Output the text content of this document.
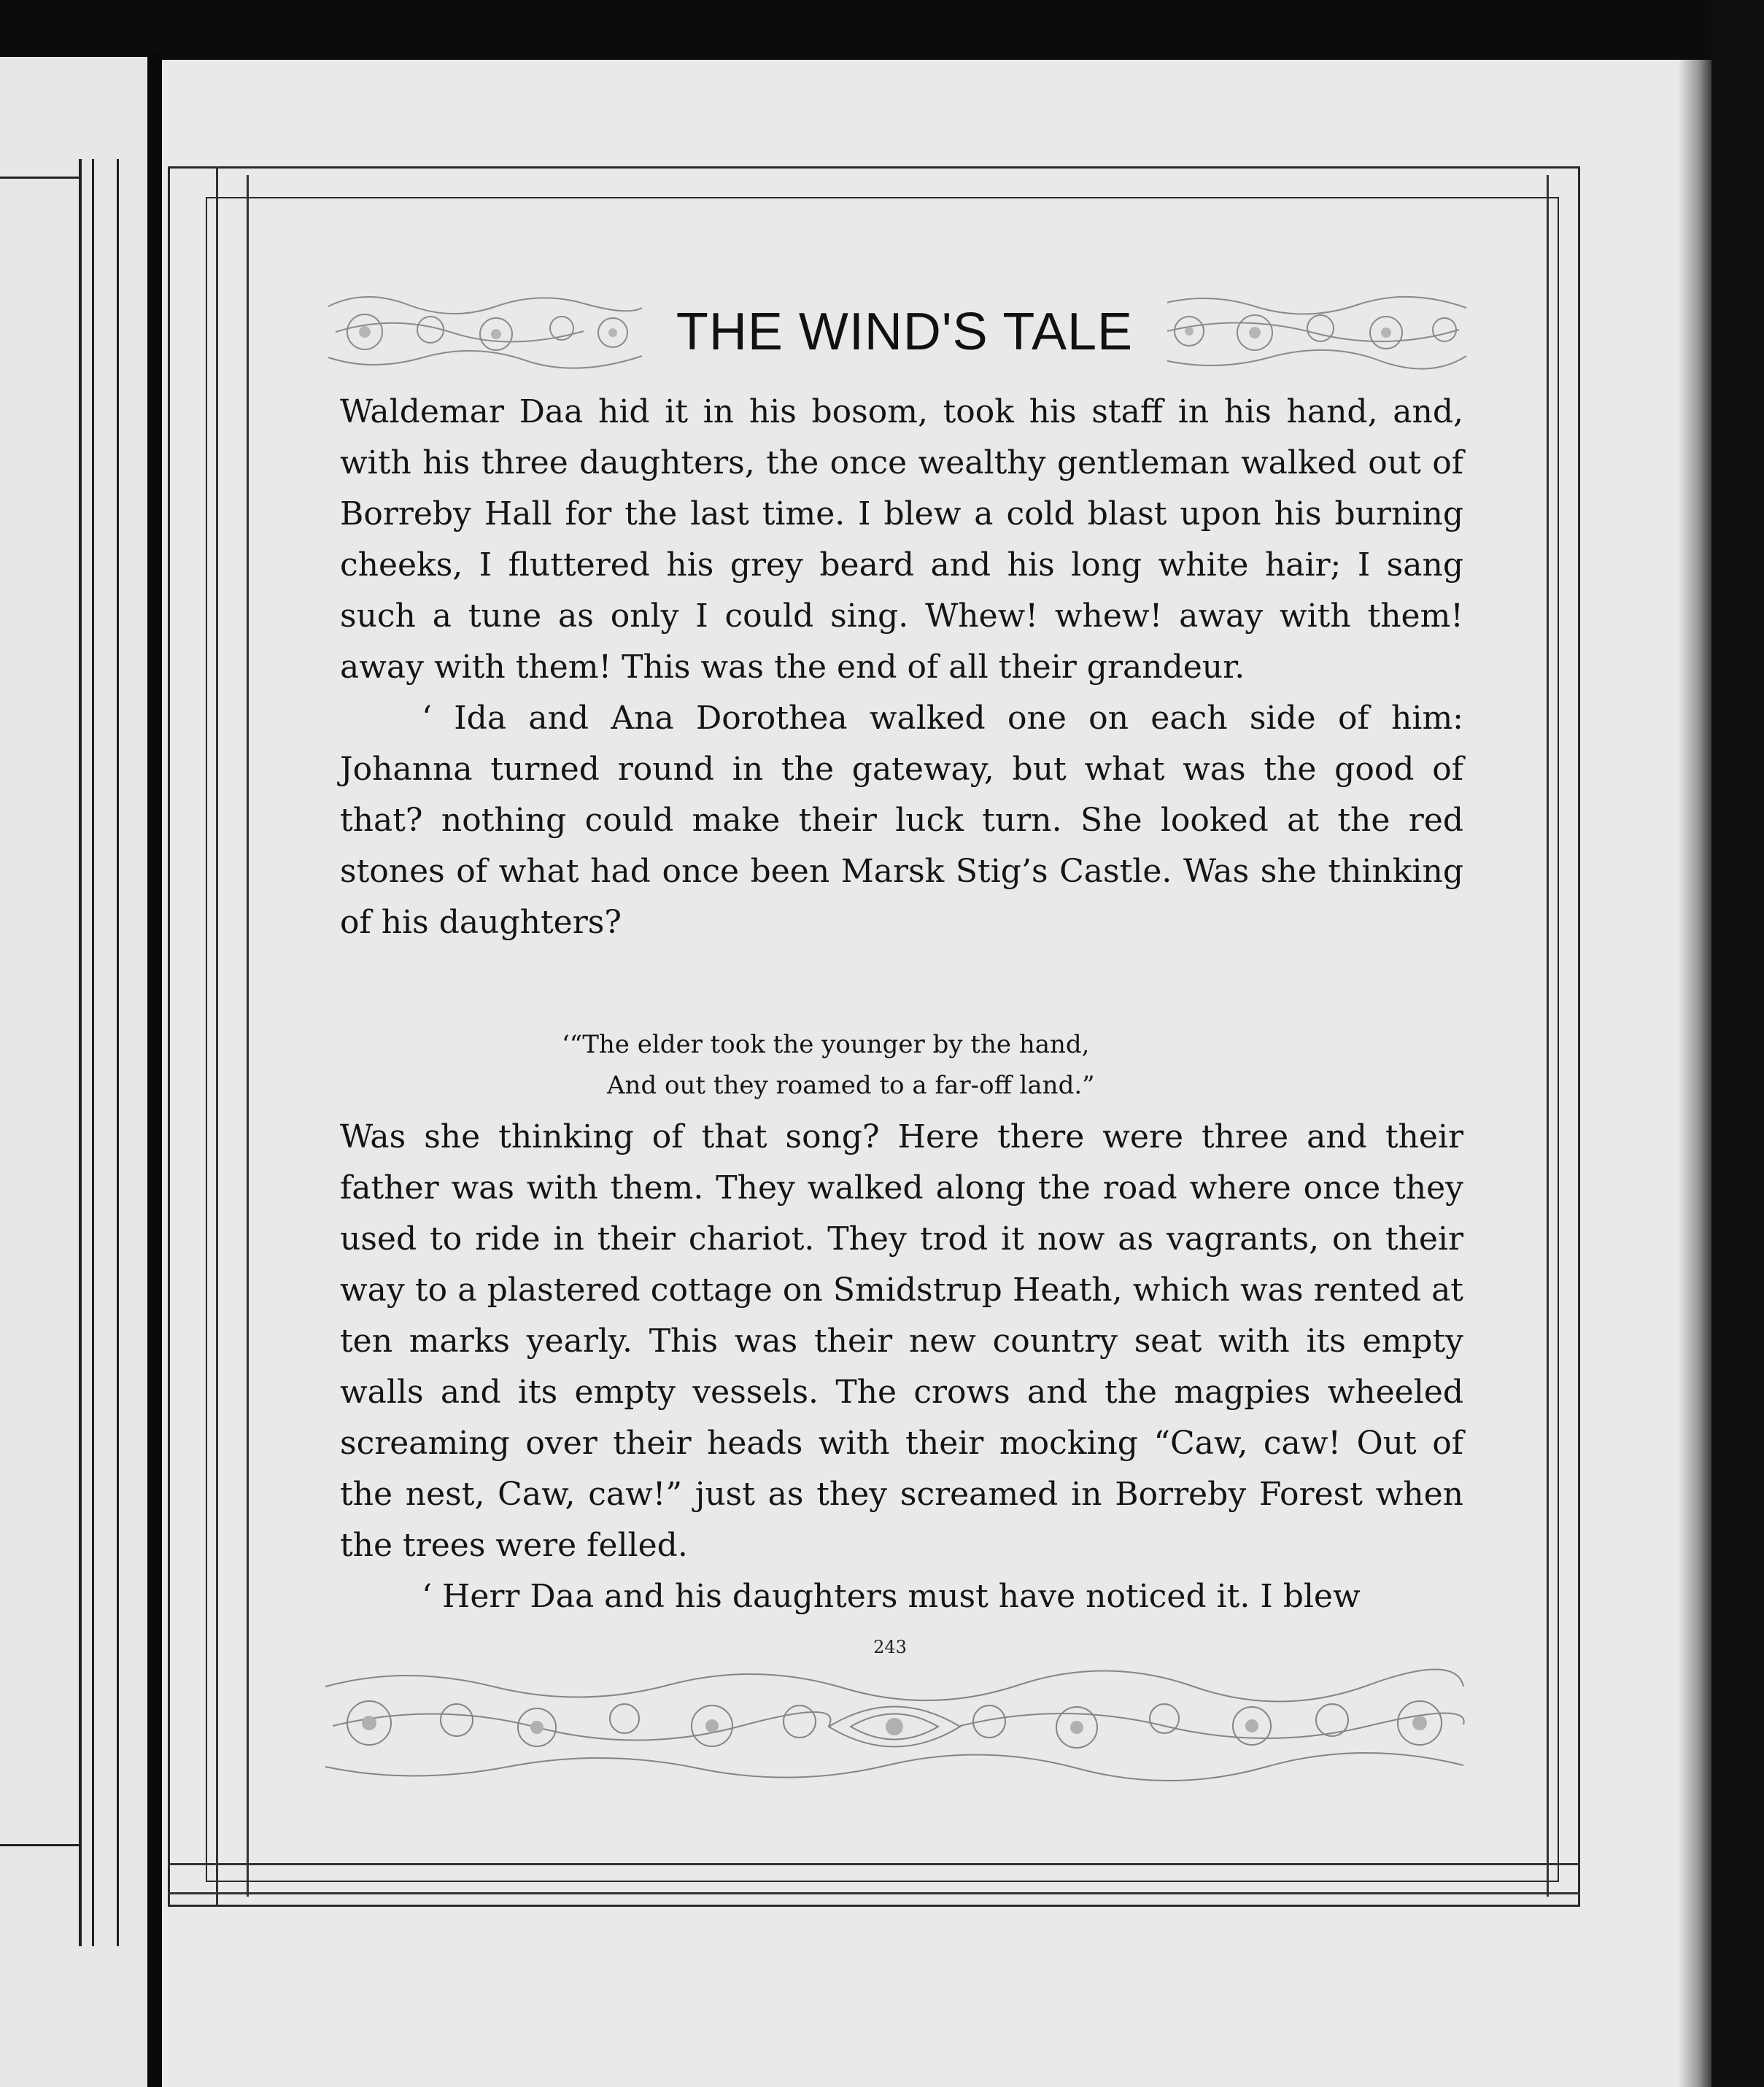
THE WIND'S TALE

Waldemar Daa hid it in his bosom, took his staff in his hand, and, with his three daughters, the once wealthy gentleman walked out of Borreby Hall for the last time. I blew a cold blast upon his burning cheeks, I fluttered his grey beard and his long white hair; I sang such a tune as only I could sing. Whew! whew! away with them! away with them! This was the end of all their grandeur.

‘ Ida and Ana Dorothea walked one on each side of him: Johanna turned round in the gateway, but what was the good of that? nothing could make their luck turn. She looked at the red stones of what had once been Marsk Stig’s Castle. Was she thinking of his daughters?

‘“The elder took the younger by the hand,
And out they roamed to a far-off land.”

Was she thinking of that song? Here there were three and their father was with them. They walked along the road where once they used to ride in their chariot. They trod it now as vagrants, on their way to a plastered cottage on Smidstrup Heath, which was rented at ten marks yearly. This was their new country seat with its empty walls and its empty vessels. The crows and the magpies wheeled screaming over their heads with their mocking “Caw, caw! Out of the nest, Caw, caw!” just as they screamed in Borreby Forest when the trees were felled.

‘ Herr Daa and his daughters must have noticed it. I blew

243
